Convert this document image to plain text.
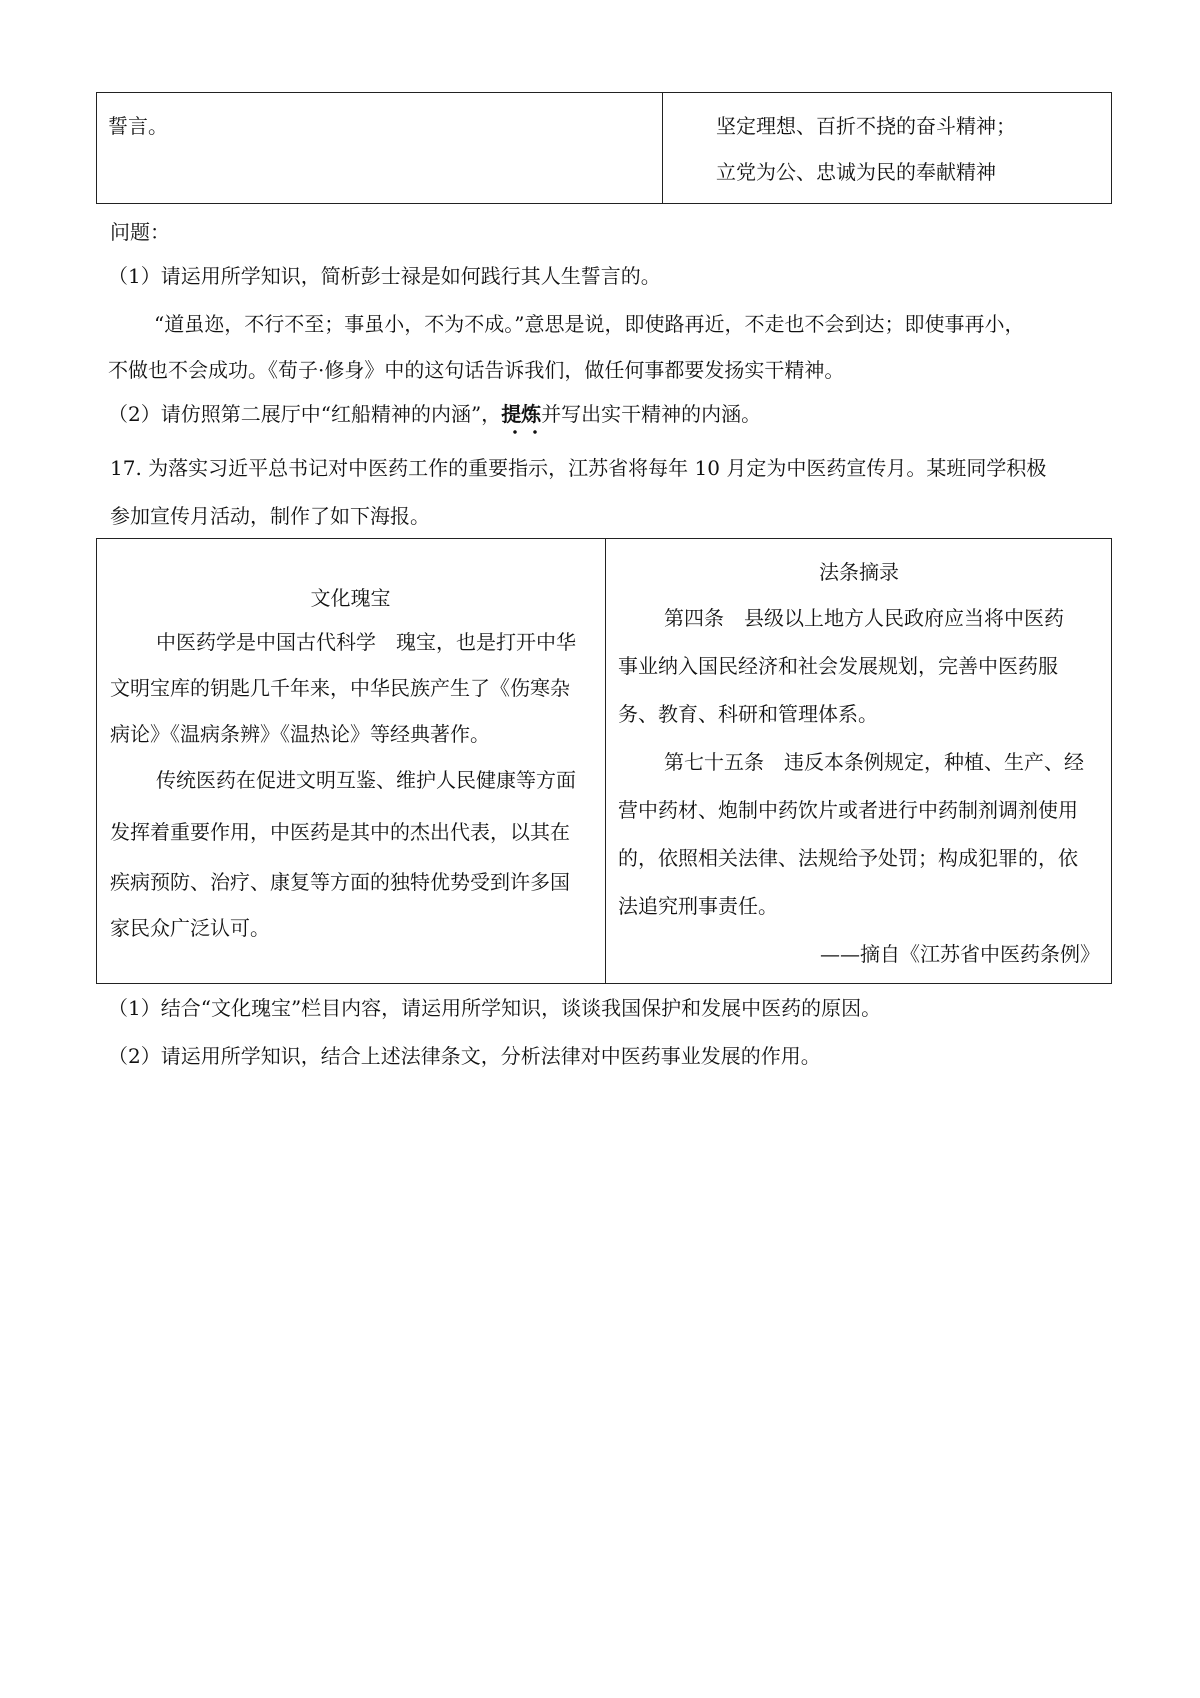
誓言。	坚定理想、百折不挠的奋斗精神；
立党为公、忠诚为民的奉献精神
问题：
（1）请运用所学知识，简析彭士禄是如何践行其人生誓言的。
“道虽迩，不行不至；事虽小，不为不成。”意思是说，即使路再近，不走也不会到达；即使事再小，
不做也不会成功。《荀子·修身》中的这句话告诉我们，做任何事都要发扬实干精神。
（2）请仿照第二展厅中“红船精神的内涵”，提炼并写出实干精神的内涵。
17. 为落实习近平总书记对中医药工作的重要指示，江苏省将每年 10 月定为中医药宣传月。某班同学积极
参加宣传月活动，制作了如下海报。
文化瑰宝
中医药学是中国古代科学　瑰宝，也是打开中华
文明宝库的钥匙几千年来，中华民族产生了《伤寒杂
病论》《温病条辨》《温热论》等经典著作。
传统医药在促进文明互鉴、维护人民健康等方面
发挥着重要作用，中医药是其中的杰出代表，以其在
疾病预防、治疗、康复等方面的独特优势受到许多国
家民众广泛认可。
法条摘录
第四条　县级以上地方人民政府应当将中医药
事业纳入国民经济和社会发展规划，完善中医药服
务、教育、科研和管理体系。
第七十五条　违反本条例规定，种植、生产、经
营中药材、炮制中药饮片或者进行中药制剂调剂使用
的，依照相关法律、法规给予处罚；构成犯罪的，依
法追究刑事责任。
——摘自《江苏省中医药条例》
（1）结合“文化瑰宝”栏目内容，请运用所学知识，谈谈我国保护和发展中医药的原因。
（2）请运用所学知识，结合上述法律条文，分析法律对中医药事业发展的作用。
